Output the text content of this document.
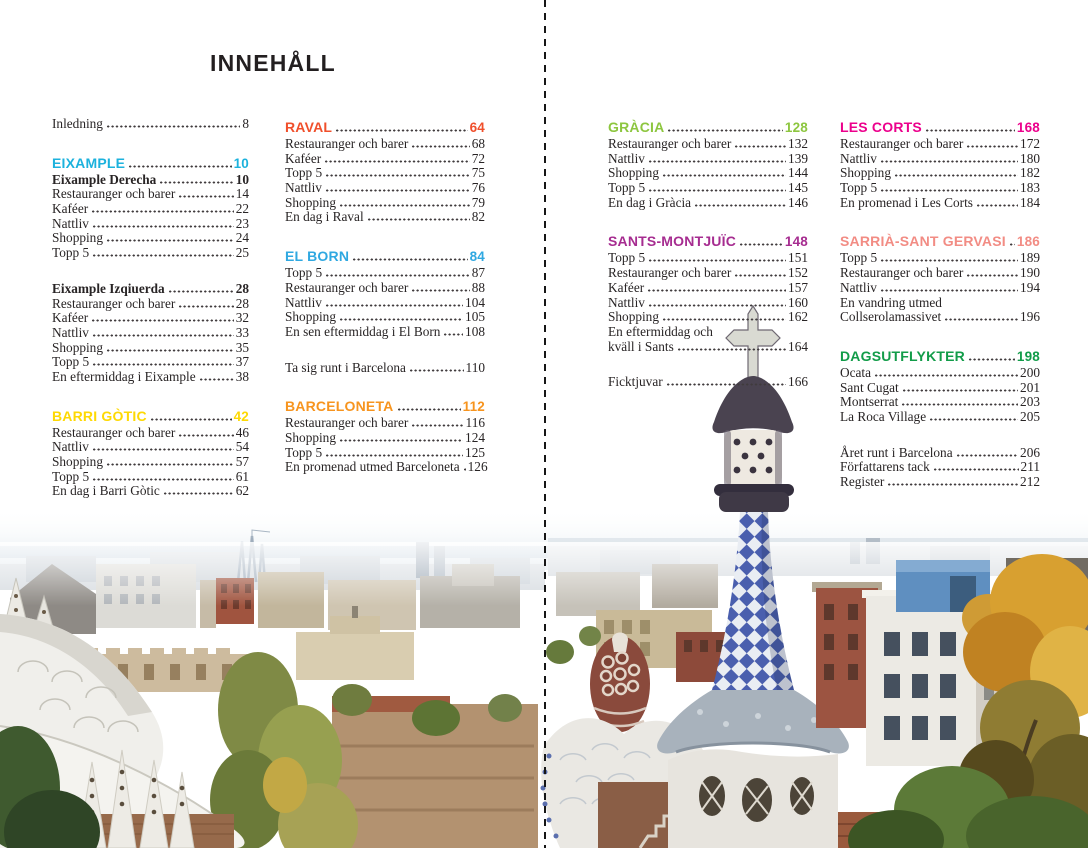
INNEHÅLL
Inledning	8
EIXAMPLE	10
Eixample Derecha	10
Restauranger och barer	14
Kaféer	22
Nattliv	23
Shopping	24
Topp 5	25
Eixample Izqiuerda	28
Restauranger och barer	28
Kaféer	32
Nattliv	33
Shopping	35
Topp 5	37
En eftermiddag i Eixample	38
BARRI GÒTIC	42
Restauranger och barer	46
Nattliv	54
Shopping	57
Topp 5	61
En dag i Barri Gòtic	62
RAVAL	64
Restauranger och barer	68
Kaféer	72
Topp 5	75
Nattliv	76
Shopping	79
En dag i Raval	82
EL BORN	84
Topp 5	87
Restauranger och barer	88
Nattliv	104
Shopping	105
En sen eftermiddag i El Born 108
Ta sig runt i Barcelona	110
BARCELONETA	112
Restauranger och barer	116
Shopping	124
Topp 5	125
En promenad utmed Barceloneta 126
GRÀCIA	128
Restauranger och barer	132
Nattliv	139
Shopping	144
Topp 5	145
En dag i Gràcia	146
SANTS-MONTJUÏC	148
Topp 5	151
Restauranger och barer	152
Kaféer	157
Nattliv	160
Shopping	162
En eftermiddag och
kväll i Sants	164
Ficktjuvar	166
LES CORTS	168
Restauranger och barer	172
Nattliv	180
Shopping	182
Topp 5	183
En promenad i Les Corts	184
SARRIÀ-SANT GERVASI 186
Topp 5	189
Restauranger och barer	190
Nattliv	194
En vandring utmed
Collserolamassivet	196
DAGSUTFLYKTER	198
Ocata	200
Sant Cugat	201
Montserrat	203
La Roca Village	205
Året runt i Barcelona	206
Författarens tack	211
Register	212
